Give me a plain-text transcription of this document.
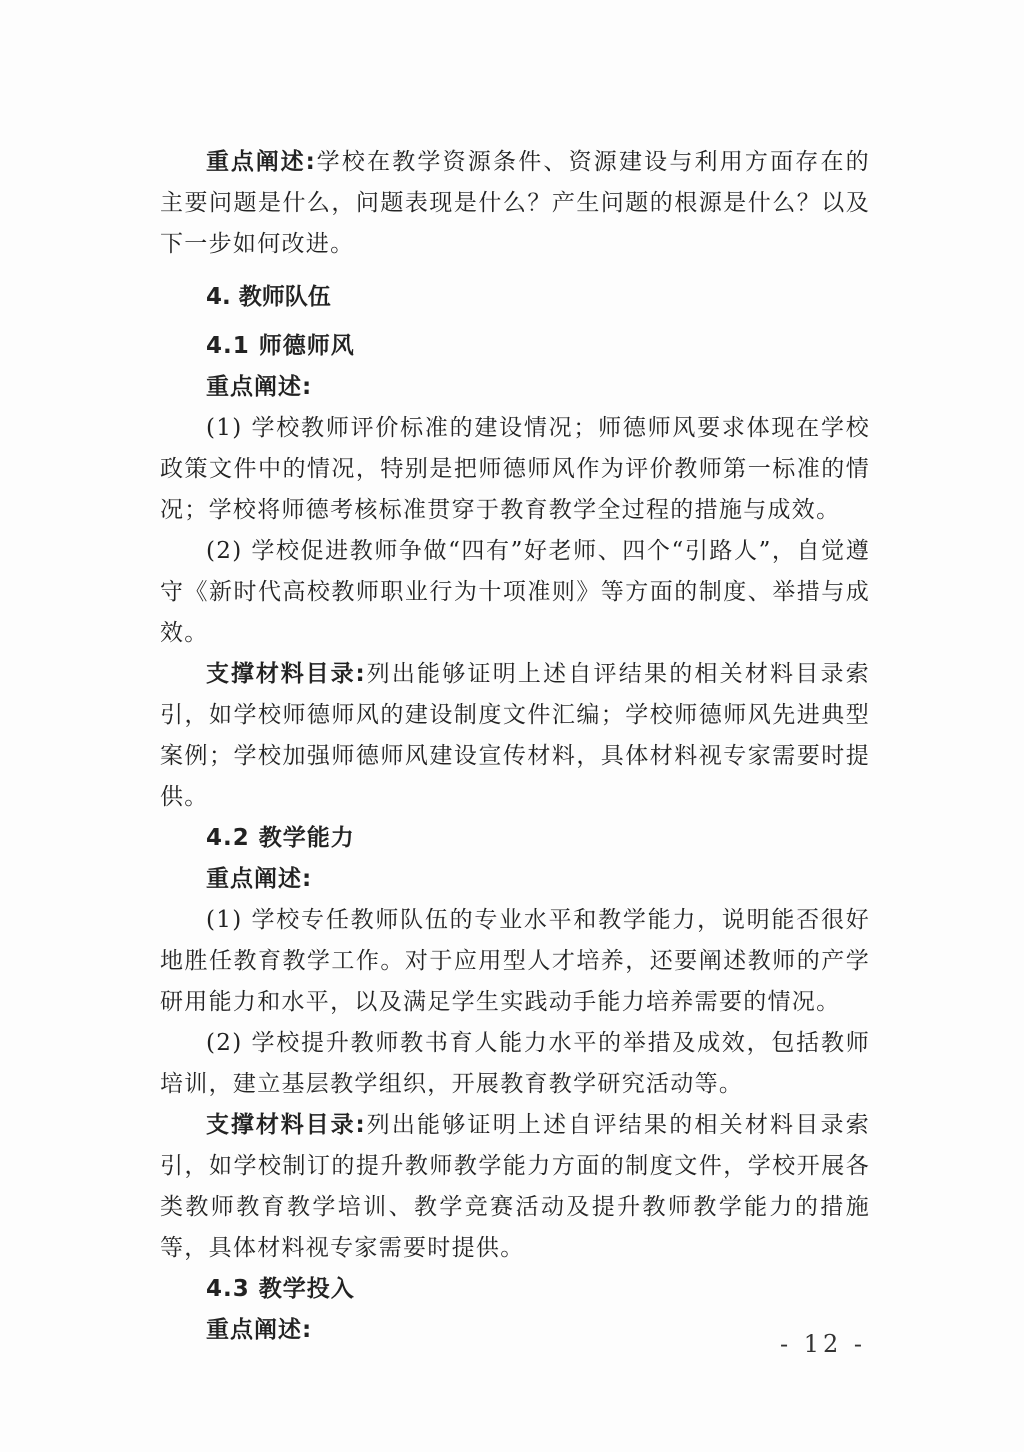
重点阐述:学校在教学资源条件、资源建设与利用方面存在的主要问题是什么，问题表现是什么？产生问题的根源是什么？以及下一步如何改进。

4. 教师队伍

4.1 师德师风

重点阐述:

(1) 学校教师评价标准的建设情况；师德师风要求体现在学校政策文件中的情况，特别是把师德师风作为评价教师第一标准的情况；学校将师德考核标准贯穿于教育教学全过程的措施与成效。

(2) 学校促进教师争做“四有”好老师、四个“引路人”，自觉遵守《新时代高校教师职业行为十项准则》等方面的制度、举措与成效。

支撑材料目录:列出能够证明上述自评结果的相关材料目录索引，如学校师德师风的建设制度文件汇编；学校师德师风先进典型案例；学校加强师德师风建设宣传材料，具体材料视专家需要时提供。

4.2 教学能力

重点阐述:

(1) 学校专任教师队伍的专业水平和教学能力，说明能否很好地胜任教育教学工作。对于应用型人才培养，还要阐述教师的产学研用能力和水平，以及满足学生实践动手能力培养需要的情况。

(2) 学校提升教师教书育人能力水平的举措及成效，包括教师培训，建立基层教学组织，开展教育教学研究活动等。

支撑材料目录:列出能够证明上述自评结果的相关材料目录索引，如学校制订的提升教师教学能力方面的制度文件，学校开展各类教师教育教学培训、教学竞赛活动及提升教师教学能力的措施等，具体材料视专家需要时提供。

4.3 教学投入

重点阐述:	- 12 -
